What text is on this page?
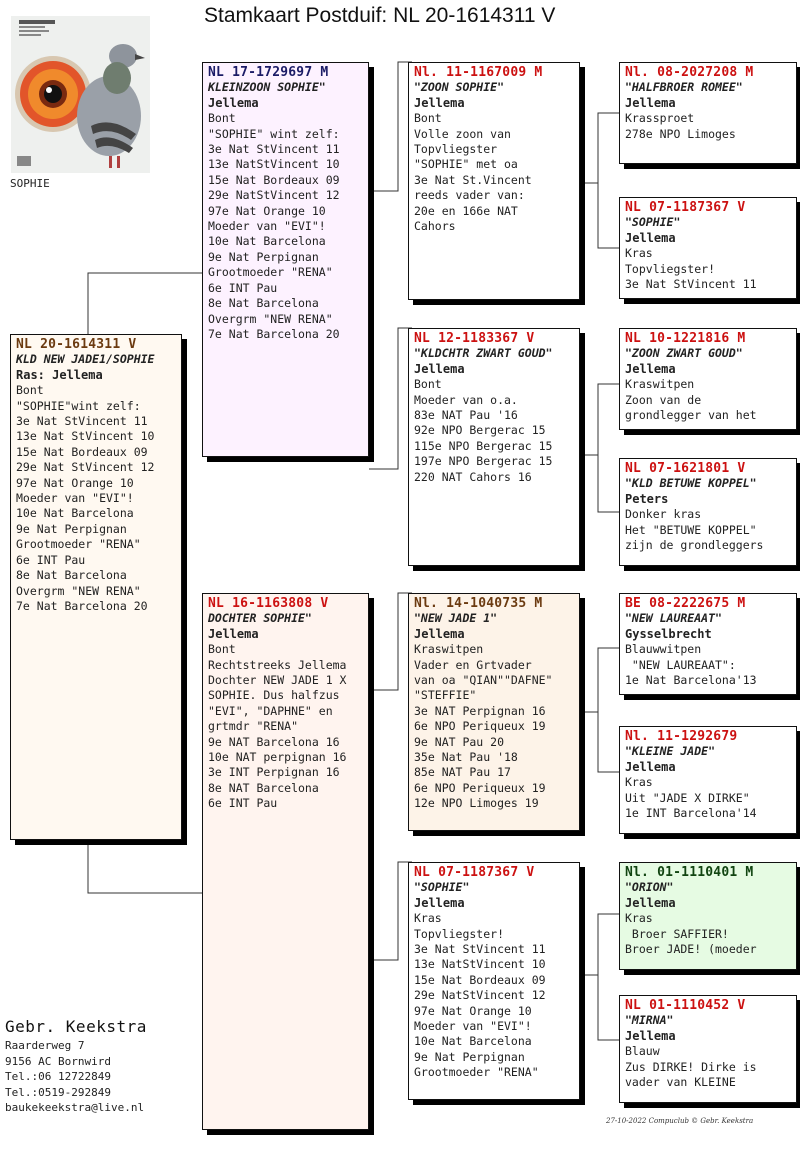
Stamkaart Postduif: NL 20-1614311 V
SOPHIE
NL 20-1614311 V
KLD NEW JADE1/SOPHIE
Ras: Jellema
Bont
"SOPHIE"wint zelf:
3e Nat StVincent 11
13e Nat StVincent 10
15e Nat Bordeaux 09
29e Nat StVincent 12
97e Nat Orange 10
Moeder van "EVI"!
10e Nat Barcelona
9e Nat Perpignan
Grootmoeder "RENA"
6e INT Pau
8e Nat Barcelona
Overgrm "NEW RENA"
7e Nat Barcelona 20
NL 17-1729697 M
KLEINZOON SOPHIE"
Jellema
Bont
"SOPHIE" wint zelf:
3e Nat StVincent 11
13e NatStVincent 10
15e Nat Bordeaux 09
29e NatStVincent 12
97e Nat Orange 10
Moeder van "EVI"!
10e Nat Barcelona
9e Nat Perpignan
Grootmoeder "RENA"
6e INT Pau
8e Nat Barcelona
Overgrm "NEW RENA"
7e Nat Barcelona 20
NL 16-1163808 V
DOCHTER SOPHIE"
Jellema
Bont
Rechtstreeks Jellema
Dochter NEW JADE 1 X
SOPHIE. Dus halfzus
"EVI", "DAPHNE" en
grtmdr "RENA"
9e NAT Barcelona 16
10e NAT perpignan 16
3e INT Perpignan 16
8e NAT Barcelona
6e INT Pau
Nl. 11-1167009 M
"ZOON SOPHIE"
Jellema
Bont
Volle zoon van
Topvliegster
"SOPHIE" met oa
3e Nat St.Vincent
reeds vader van:
20e en 166e NAT
Cahors
NL 12-1183367 V
"KLDCHTR ZWART GOUD"
Jellema
Bont
Moeder van o.a.
83e NAT Pau '16
92e NPO Bergerac 15
115e NPO Bergerac 15
197e NPO Bergerac 15
220 NAT Cahors 16
Nl. 14-1040735 M
"NEW JADE 1"
Jellema
Kraswitpen
Vader en Grtvader
van oa "QIAN""DAFNE"
"STEFFIE"
3e NAT Perpignan 16
6e NPO Periqueux 19
9e NAT Pau 20
35e Nat Pau '18
85e NAT Pau 17
6e NPO Periqueux 19
12e NPO Limoges 19
NL 07-1187367 V
"SOPHIE"
Jellema
Kras
Topvliegster!
3e Nat StVincent 11
13e NatStVincent 10
15e Nat Bordeaux 09
29e NatStVincent 12
97e Nat Orange 10
Moeder van "EVI"!
10e Nat Barcelona
9e Nat Perpignan
Grootmoeder "RENA"
Nl. 08-2027208 M
"HALFBROER ROMEE"
Jellema
Krassproet
278e NPO Limoges
NL 07-1187367 V
"SOPHIE"
Jellema
Kras
Topvliegster!
3e Nat StVincent 11
NL 10-1221816 M
"ZOON ZWART GOUD"
Jellema
Kraswitpen
Zoon van de
grondlegger van het
NL 07-1621801 V
"KLD BETUWE KOPPEL"
Peters
Donker kras
Het "BETUWE KOPPEL"
zijn de grondleggers
BE 08-2222675 M
"NEW LAUREAAT"
Gysselbrecht
Blauwwitpen
"NEW LAUREAAT":
1e Nat Barcelona'13
Nl. 11-1292679
"KLEINE JADE"
Jellema
Kras
Uit "JADE X DIRKE"
1e INT Barcelona'14
Nl. 01-1110401 M
"ORION"
Jellema
Kras
Broer SAFFIER!
Broer JADE! (moeder
NL 01-1110452 V
"MIRNA"
Jellema
Blauw
Zus DIRKE! Dirke is
vader van KLEINE
Gebr. Keekstra
Raarderweg 7
9156 AC Bornwird
Tel.:06 12722849
Tel.:0519-292849
baukekeekstra@live.nl
27-10-2022 Compuclub © Gebr. Keekstra
